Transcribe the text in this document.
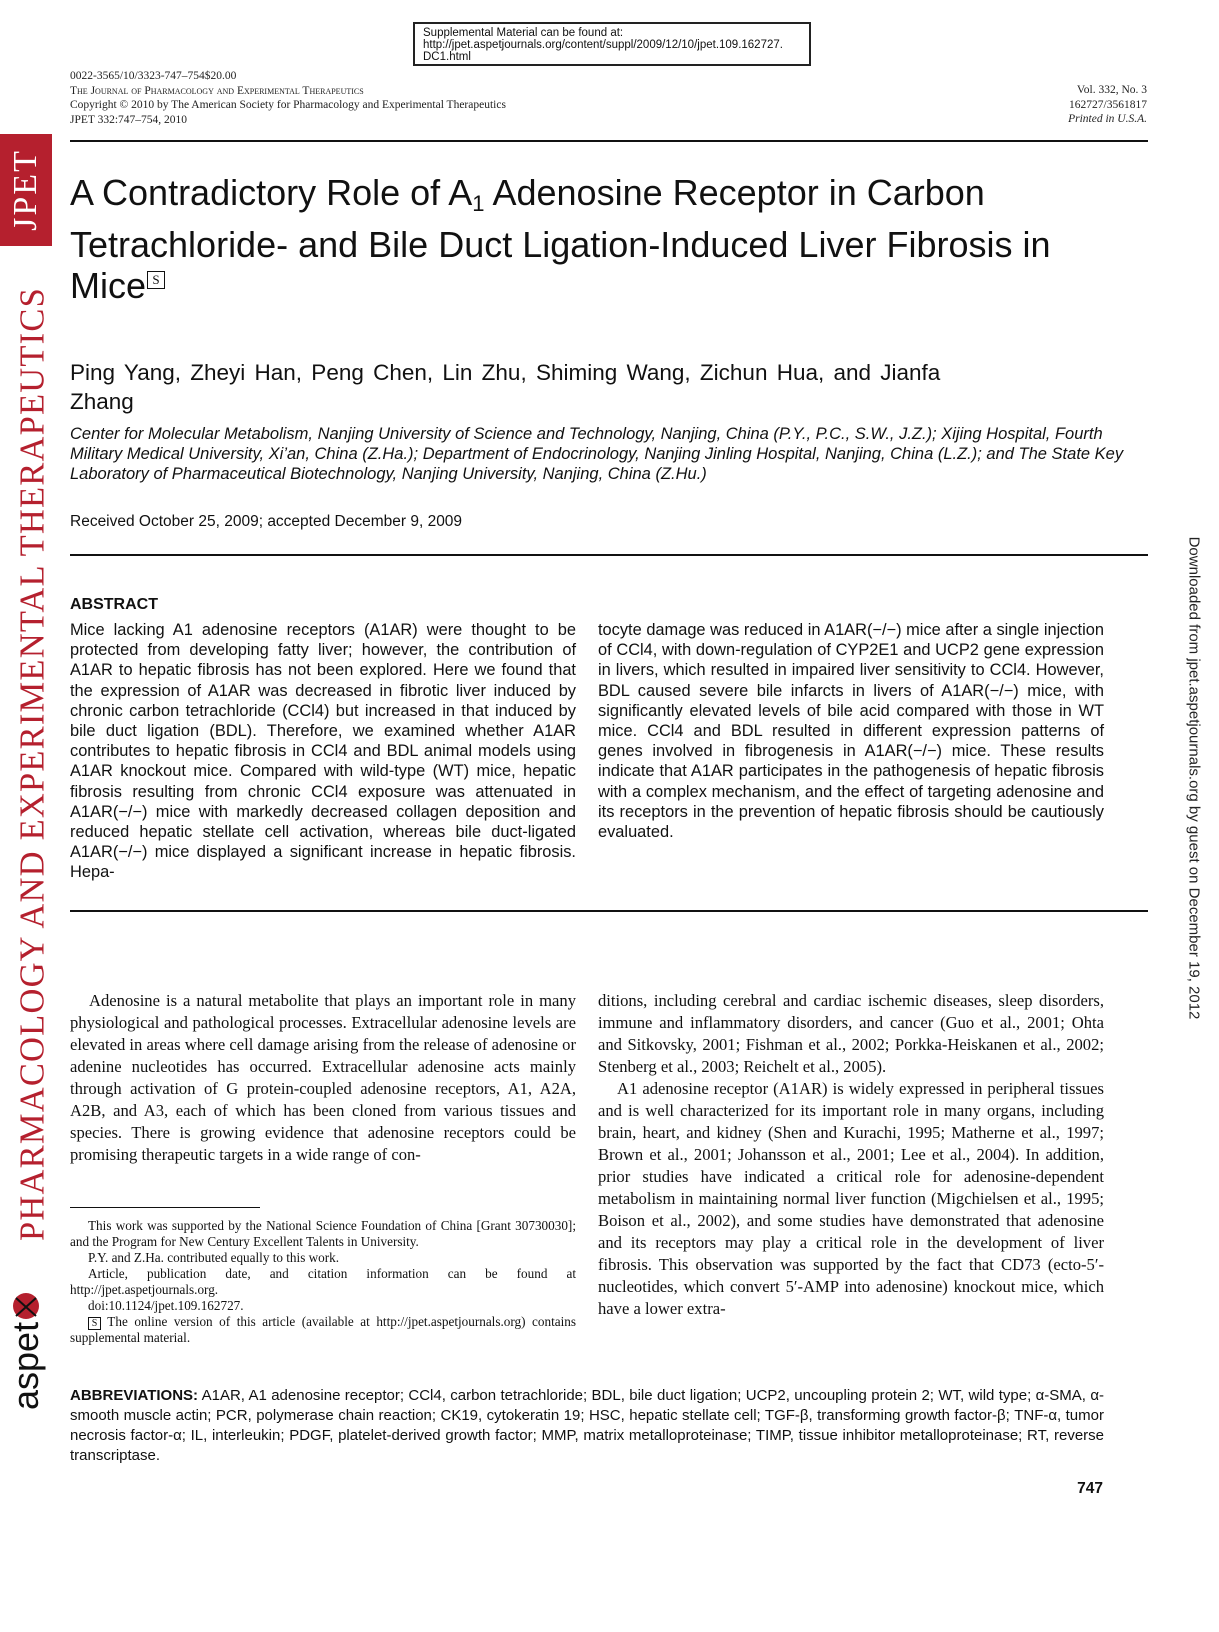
Supplemental Material can be found at:
http://jpet.aspetjournals.org/content/suppl/2009/12/10/jpet.109.162727.
DC1.html
0022-3565/10/3323-747–754$20.00
The Journal of Pharmacology and Experimental Therapeutics
Copyright © 2010 by The American Society for Pharmacology and Experimental Therapeutics
JPET 332:747–754, 2010
Vol. 332, No. 3
162727/3561817
Printed in U.S.A.
JPET
PHARMACOLOGY AND EXPERIMENTAL THERAPEUTICS
aspet
Downloaded from jpet.aspetjournals.org by guest on December 19, 2012
A Contradictory Role of $A_1$ Adenosine Receptor in Carbon Tetrachloride- and Bile Duct Ligation-Induced Liver Fibrosis in Mice S
Ping Yang, Zheyi Han, Peng Chen, Lin Zhu, Shiming Wang, Zichun Hua, and Jianfa Zhang
Center for Molecular Metabolism, Nanjing University of Science and Technology, Nanjing, China (P.Y., P.C., S.W., J.Z.); Xijing Hospital, Fourth Military Medical University, Xi’an, China (Z.Ha.); Department of Endocrinology, Nanjing Jinling Hospital, Nanjing, China (L.Z.); and The State Key Laboratory of Pharmaceutical Biotechnology, Nanjing University, Nanjing, China (Z.Hu.)
Received October 25, 2009; accepted December 9, 2009
ABSTRACT
Mice lacking A1 adenosine receptors (A1AR) were thought to be protected from developing fatty liver; however, the contribution of A1AR to hepatic fibrosis has not been explored. Here we found that the expression of A1AR was decreased in fibrotic liver induced by chronic carbon tetrachloride (CCl4) but increased in that induced by bile duct ligation (BDL). Therefore, we examined whether A1AR contributes to hepatic fibrosis in CCl4 and BDL animal models using A1AR knockout mice. Compared with wild-type (WT) mice, hepatic fibrosis resulting from chronic CCl4 exposure was attenuated in A1AR(−/−) mice with markedly decreased collagen deposition and reduced hepatic stellate cell activation, whereas bile duct-ligated A1AR(−/−) mice displayed a significant increase in hepatic fibrosis. Hepa-
tocyte damage was reduced in A1AR(−/−) mice after a single injection of CCl4, with down-regulation of CYP2E1 and UCP2 gene expression in livers, which resulted in impaired liver sensitivity to CCl4. However, BDL caused severe bile infarcts in livers of A1AR(−/−) mice, with significantly elevated levels of bile acid compared with those in WT mice. CCl4 and BDL resulted in different expression patterns of genes involved in fibrogenesis in A1AR(−/−) mice. These results indicate that A1AR participates in the pathogenesis of hepatic fibrosis with a complex mechanism, and the effect of targeting adenosine and its receptors in the prevention of hepatic fibrosis should be cautiously evaluated.

Adenosine is a natural metabolite that plays an important role in many physiological and pathological processes. Extracellular adenosine levels are elevated in areas where cell damage arising from the release of adenosine or adenine nucleotides has occurred. Extracellular adenosine acts mainly through activation of G protein-coupled adenosine receptors, A1, A2A, A2B, and A3, each of which has been cloned from various tissues and species. There is growing evidence that adenosine receptors could be promising therapeutic targets in a wide range of con-

ditions, including cerebral and cardiac ischemic diseases, sleep disorders, immune and inflammatory disorders, and cancer (Guo et al., 2001; Ohta and Sitkovsky, 2001; Fishman et al., 2002; Porkka-Heiskanen et al., 2002; Stenberg et al., 2003; Reichelt et al., 2005).

A1 adenosine receptor (A1AR) is widely expressed in peripheral tissues and is well characterized for its important role in many organs, including brain, heart, and kidney (Shen and Kurachi, 1995; Matherne et al., 1997; Brown et al., 2001; Johansson et al., 2001; Lee et al., 2004). In addition, prior studies have indicated a critical role for adenosine-dependent metabolism in maintaining normal liver function (Migchielsen et al., 1995; Boison et al., 2002), and some studies have demonstrated that adenosine and its receptors may play a critical role in the development of liver fibrosis. This observation was supported by the fact that CD73 (ecto-5′-nucleotides, which convert 5′-AMP into adenosine) knockout mice, which have a lower extra-

This work was supported by the National Science Foundation of China [Grant 30730030]; and the Program for New Century Excellent Talents in University.

P.Y. and Z.Ha. contributed equally to this work.

Article, publication date, and citation information can be found at http://jpet.aspetjournals.org.

doi:10.1124/jpet.109.162727.

S The online version of this article (available at http://jpet.aspetjournals.org) contains supplemental material.

ABBREVIATIONS: A1AR, A1 adenosine receptor; CCl4, carbon tetrachloride; BDL, bile duct ligation; UCP2, uncoupling protein 2; WT, wild type; α-SMA, α-smooth muscle actin; PCR, polymerase chain reaction; CK19, cytokeratin 19; HSC, hepatic stellate cell; TGF-β, transforming growth factor-β; TNF-α, tumor necrosis factor-α; IL, interleukin; PDGF, platelet-derived growth factor; MMP, matrix metalloproteinase; TIMP, tissue inhibitor metalloproteinase; RT, reverse transcriptase.
747
